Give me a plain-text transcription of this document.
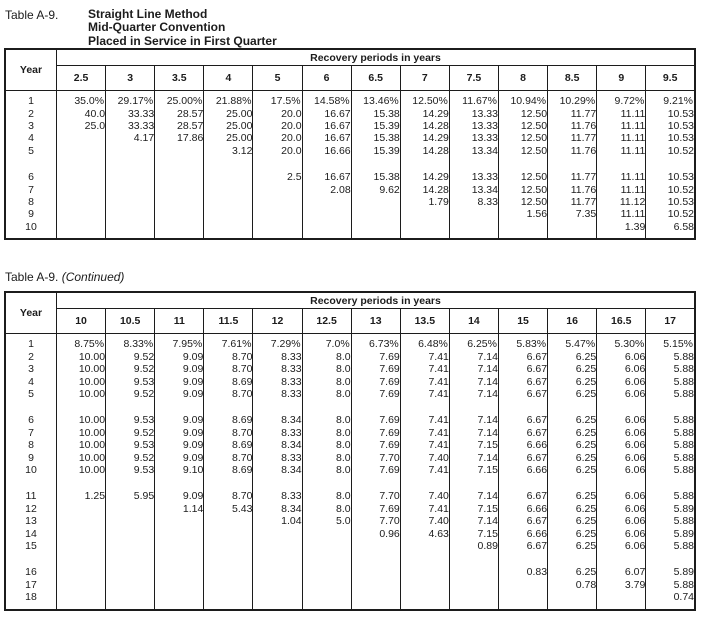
Table A-9.	Straight Line Method
Mid-Quarter Convention
Placed in Service in First Quarter
Year	Recovery periods in years												
	2.5	3	3.5	4	5	6	6.5	7	7.5	8	8.5	9	9.5

1	35.0%	29.17%	25.00%	21.88%	17.5%	14.58%	13.46%	12.50%	11.67%	10.94%	10.29%	9.72%	9.21%
2	40.0	33.33	28.57	25.00	20.0	16.67	15.38	14.29	13.33	12.50	11.77	11.11	10.53
3	25.0	33.33	28.57	25.00	20.0	16.67	15.39	14.28	13.33	12.50	11.76	11.11	10.53
4		4.17	17.86	25.00	20.0	16.67	15.38	14.29	13.33	12.50	11.77	11.11	10.53
5				3.12	20.0	16.66	15.39	14.28	13.34	12.50	11.76	11.11	10.52

6					2.5	16.67	15.38	14.29	13.33	12.50	11.77	11.11	10.53
7						2.08	9.62	14.28	13.34	12.50	11.76	11.11	10.52
8								1.79	8.33	12.50	11.77	11.12	10.53
9										1.56	7.35	11.11	10.52
10												1.39	6.58

Table A-9. (Continued)
Year	Recovery periods in years												
	10	10.5	11	11.5	12	12.5	13	13.5	14	15	16	16.5	17

1	8.75%	8.33%	7.95%	7.61%	7.29%	7.0%	6.73%	6.48%	6.25%	5.83%	5.47%	5.30%	5.15%
2	10.00	9.52	9.09	8.70	8.33	8.0	7.69	7.41	7.14	6.67	6.25	6.06	5.88
3	10.00	9.52	9.09	8.70	8.33	8.0	7.69	7.41	7.14	6.67	6.25	6.06	5.88
4	10.00	9.53	9.09	8.69	8.33	8.0	7.69	7.41	7.14	6.67	6.25	6.06	5.88
5	10.00	9.52	9.09	8.70	8.33	8.0	7.69	7.41	7.14	6.67	6.25	6.06	5.88

6	10.00	9.53	9.09	8.69	8.34	8.0	7.69	7.41	7.14	6.67	6.25	6.06	5.88
7	10.00	9.52	9.09	8.70	8.33	8.0	7.69	7.41	7.14	6.67	6.25	6.06	5.88
8	10.00	9.53	9.09	8.69	8.34	8.0	7.69	7.41	7.15	6.66	6.25	6.06	5.88
9	10.00	9.52	9.09	8.70	8.33	8.0	7.70	7.40	7.14	6.67	6.25	6.06	5.88
10	10.00	9.53	9.10	8.69	8.34	8.0	7.69	7.41	7.15	6.66	6.25	6.06	5.88

11	1.25	5.95	9.09	8.70	8.33	8.0	7.70	7.40	7.14	6.67	6.25	6.06	5.88
12			1.14	5.43	8.34	8.0	7.69	7.41	7.15	6.66	6.25	6.06	5.89
13					1.04	5.0	7.70	7.40	7.14	6.67	6.25	6.06	5.88
14							0.96	4.63	7.15	6.66	6.25	6.06	5.89
15									0.89	6.67	6.25	6.06	5.88

16										0.83	6.25	6.07	5.89
17											0.78	3.79	5.88
18													0.74
